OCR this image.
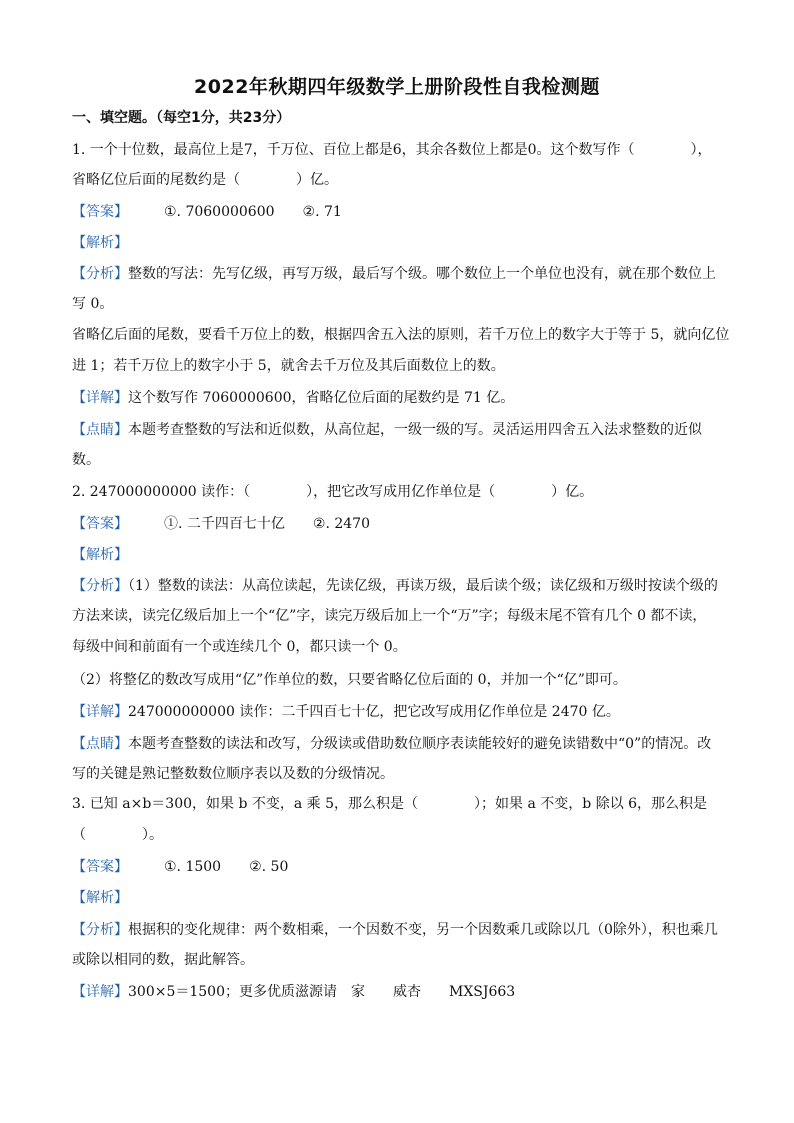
2022年秋期四年级数学上册阶段性自我检测题
一、填空题。（每空1分，共23分）
1. 一个十位数，最高位上是7，千万位、百位上都是6，其余各数位上都是0。这个数写作（　　　　），
省略亿位后面的尾数约是（　　　　）亿。
【答案】	①. 7060000600 ②. 71
【解析】
【分析】整数的写法：先写亿级，再写万级，最后写个级。哪个数位上一个单位也没有，就在那个数位上
写 0。
省略亿后面的尾数，要看千万位上的数，根据四舍五入法的原则，若千万位上的数字大于等于 5，就向亿位
进 1；若千万位上的数字小于 5，就舍去千万位及其后面数位上的数。
【详解】这个数写作 7060000600，省略亿位后面的尾数约是 71 亿。
【点睛】本题考查整数的写法和近似数，从高位起，一级一级的写。灵活运用四舍五入法求整数的近似
数。
2. 247000000000 读作：（　　　　），把它改写成用亿作单位是（　　　　）亿。
【答案】	①. 二千四百七十亿 ②. 2470
【解析】
【分析】（1）整数的读法：从高位读起，先读亿级，再读万级，最后读个级；读亿级和万级时按读个级的
方法来读，读完亿级后加上一个“亿”字，读完万级后加上一个“万”字；每级末尾不管有几个 0 都不读，
每级中间和前面有一个或连续几个 0，都只读一个 0。
（2）将整亿的数改写成用“亿”作单位的数，只要省略亿位后面的 0，并加一个“亿”即可。
【详解】247000000000 读作：二千四百七十亿，把它改写成用亿作单位是 2470 亿。
【点睛】本题考查整数的读法和改写，分级读或借助数位顺序表读能较好的避免读错数中“0”的情况。改
写的关键是熟记整数数位顺序表以及数的分级情况。
3. 已知 a×b＝300，如果 b 不变，a 乘 5，那么积是（　　　　）；如果 a 不变，b 除以 6，那么积是
（　　　　）。
【答案】	①. 1500 ②. 50
【解析】
【分析】根据积的变化规律：两个数相乘，一个因数不变，另一个因数乘几或除以几（0除外），积也乘几
或除以相同的数，据此解答。
【详解】300×5＝1500；更多优质滋源请　家　　威杏　　MXSJ663
